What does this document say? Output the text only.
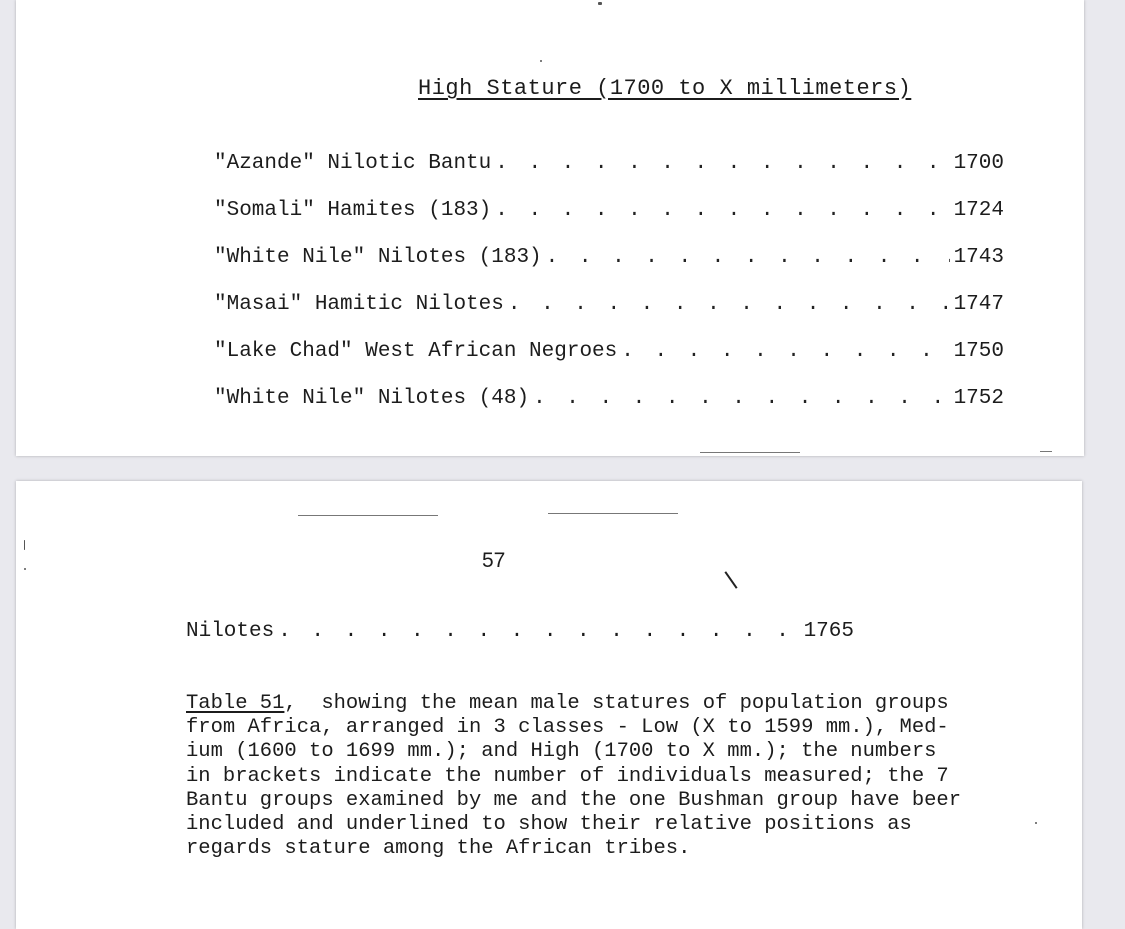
High Stature (1700 to X millimeters)
"Azande" Nilotic Bantu . . .	1700
"Somali" Hamites (183) . . .	1724
"White Nile" Nilotes (183) . . .	1743
"Masai" Hamitic Nilotes . . .	1747
"Lake Chad" West African Negroes . . .	1750
"White Nile" Nilotes (48) . . .	1752
57
Nilotes . . .	1765
Table 51,  showing the mean male statures of population groups
from Africa, arranged in 3 classes - Low (X to 1599 mm.), Med-
ium (1600 to 1699 mm.); and High (1700 to X mm.); the numbers
in brackets indicate the number of individuals measured; the 7
Bantu groups examined by me and the one Bushman group have beer
included and underlined to show their relative positions as
regards stature among the African tribes.
